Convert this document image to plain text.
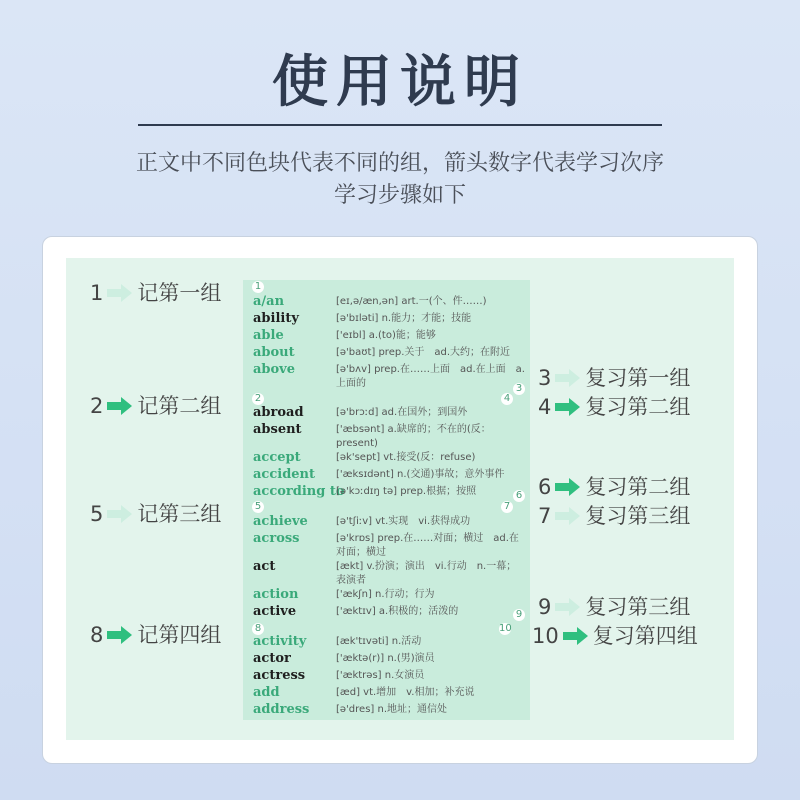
使用说明
正文中不同色块代表不同的组，箭头数字代表学习次序
学习步骤如下
1
2
3
4
5
6
7
8
9
10
a/an	[eɪ,ə/æn,ən] art.一(个、件……)
ability	[ə'bɪləti] n.能力；才能；技能
able	['eɪbl] a.(to)能；能够
about	[ə'baʊt] prep.关于　ad.大约；在附近
above	[ə'bʌv] prep.在……上面　ad.在上面　a.上面的
abroad	[ə'brɔːd] ad.在国外；到国外
absent	['æbsənt] a.缺席的；不在的(反：present)
accept	[ək'sept] vt.接受(反：refuse)
accident ['æksɪdənt] n.(交通)事故；意外事件
according to
[ə'kɔːdɪŋ tə] prep.根据；按照
achieve	[ə'tʃiːv] vt.实现　vi.获得成功
across	[ə'krɒs] prep.在……对面；横过　ad.在对面；横过
act	[ækt] v.扮演；演出　vi.行动　n.一幕；表演者
action	['ækʃn] n.行动；行为
active	['æktɪv] a.积极的；活泼的
activity	[æk'tɪvəti] n.活动
actor	['æktə(r)] n.(男)演员
actress	['æktrəs] n.女演员
add	[æd] vt.增加　v.相加；补充说
address	[ə'dres] n.地址；通信处
1 记第一组
2 记第二组
5 记第三组
8 记第四组
3 复习第一组
4 复习第二组
6 复习第二组
7 复习第三组
9 复习第三组
10 复习第四组
